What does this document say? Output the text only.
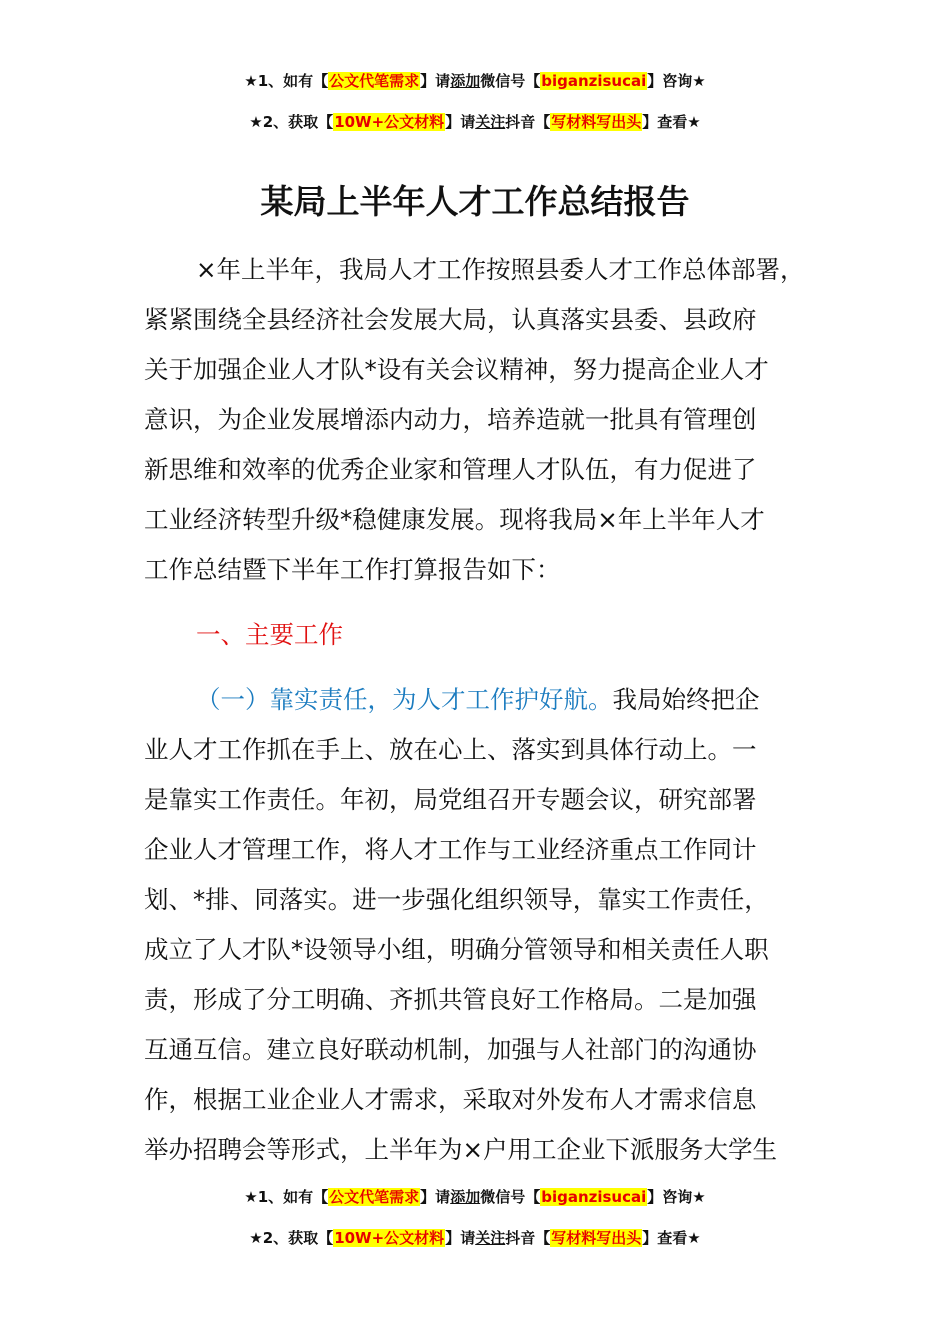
★1、如有【公文代笔需求】请添加微信号【biganzisucai】咨询★
★2、获取【10W+公文材料】请关注抖音【写材料写出头】查看★
某局上半年人才工作总结报告
×年上半年，我局人才工作按照县委人才工作总体部署，
紧紧围绕全县经济社会发展大局，认真落实县委、县政府
关于加强企业人才队*设有关会议精神，努力提高企业人才
意识，为企业发展增添内动力，培养造就一批具有管理创
新思维和效率的优秀企业家和管理人才队伍，有力促进了
工业经济转型升级*稳健康发展。现将我局×年上半年人才
工作总结暨下半年工作打算报告如下：
一、主要工作
（一）靠实责任，为人才工作护好航。我局始终把企
业人才工作抓在手上、放在心上、落实到具体行动上。一
是靠实工作责任。年初，局党组召开专题会议，研究部署
企业人才管理工作，将人才工作与工业经济重点工作同计
划、*排、同落实。进一步强化组织领导，靠实工作责任，
成立了人才队*设领导小组，明确分管领导和相关责任人职
责，形成了分工明确、齐抓共管良好工作格局。二是加强
互通互信。建立良好联动机制，加强与人社部门的沟通协
作，根据工业企业人才需求，采取对外发布人才需求信息
举办招聘会等形式，上半年为×户用工企业下派服务大学生
★1、如有【公文代笔需求】请添加微信号【biganzisucai】咨询★
★2、获取【10W+公文材料】请关注抖音【写材料写出头】查看★
